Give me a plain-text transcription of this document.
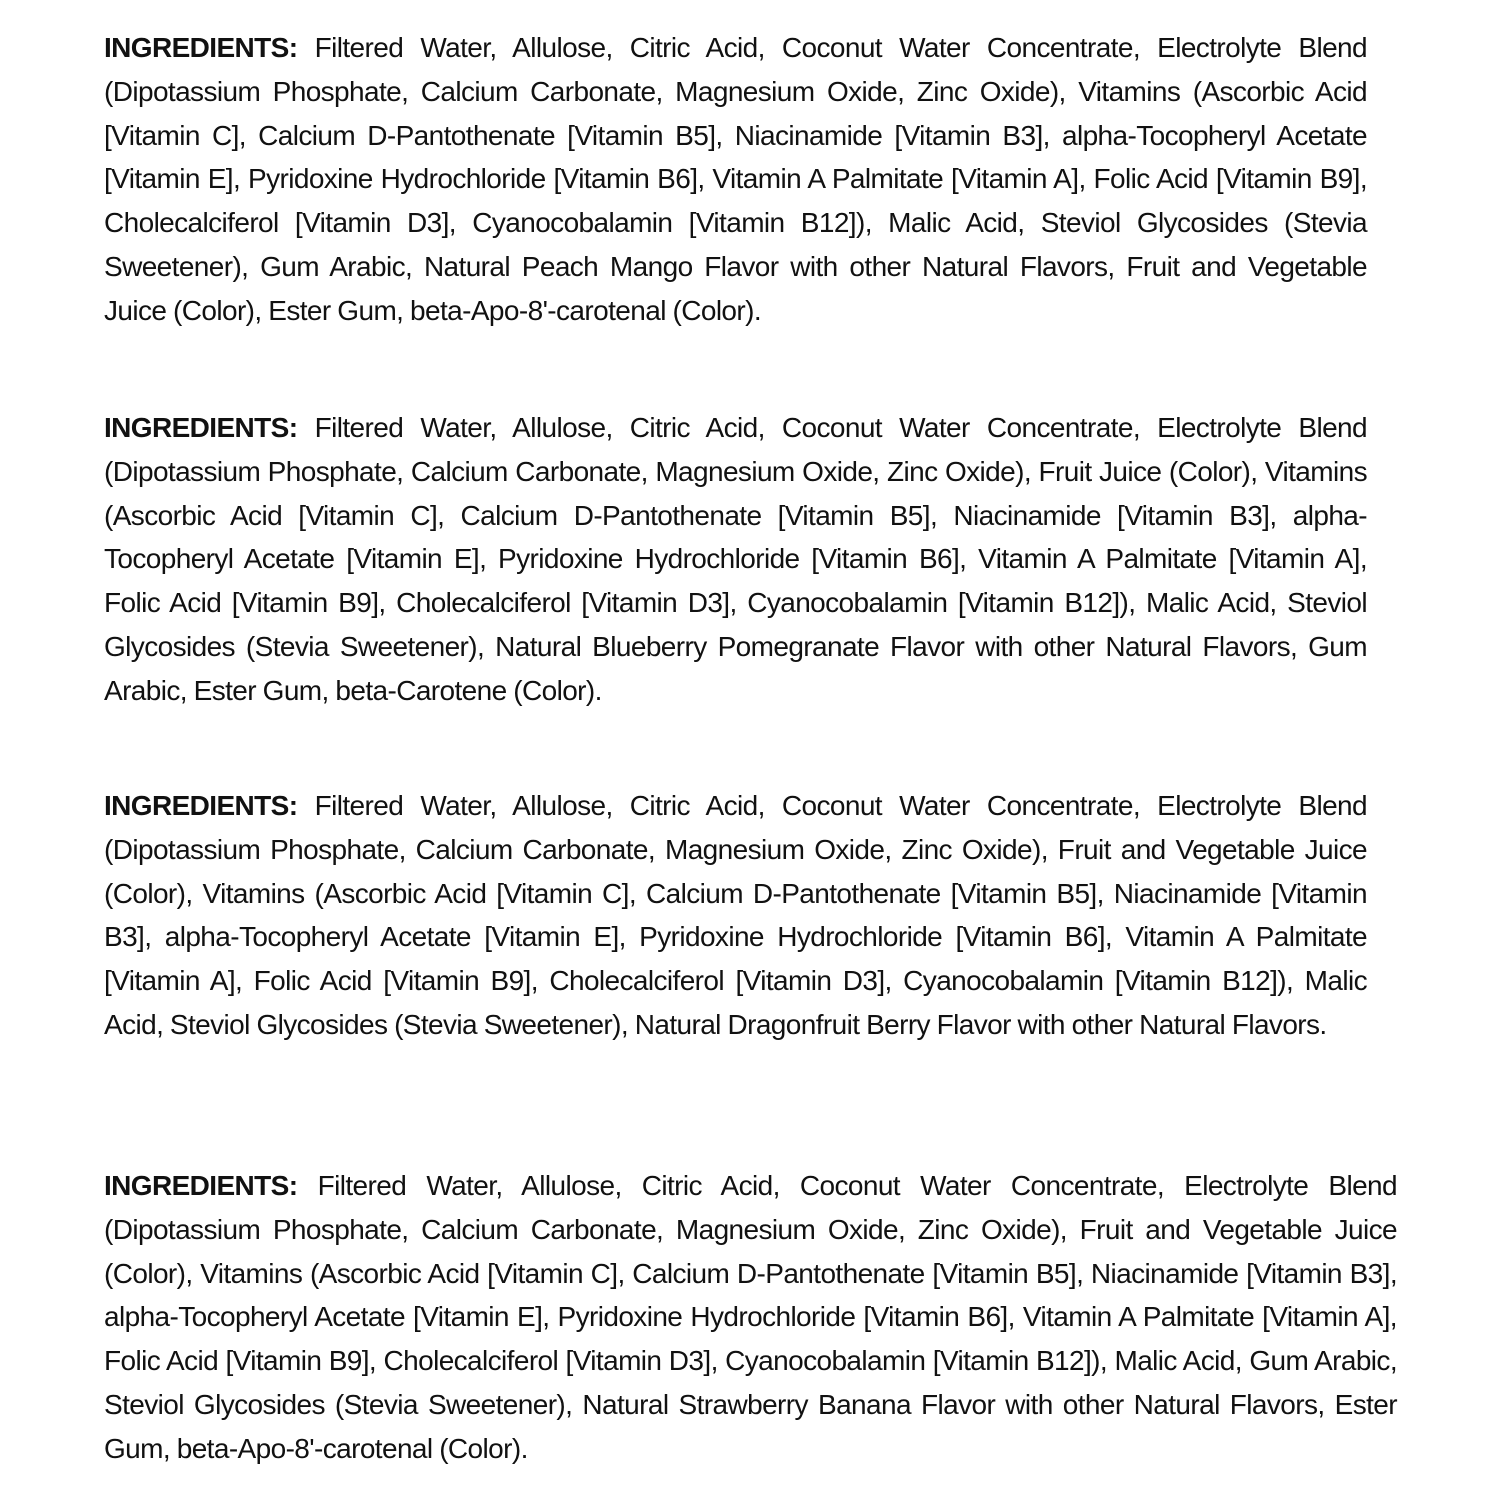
INGREDIENTS: Filtered Water, Allulose, Citric Acid, Coconut Water Concentrate, Electrolyte Blend (Dipotassium Phosphate, Calcium Carbonate, Magnesium Oxide, Zinc Oxide), Vitamins (Ascorbic Acid [Vitamin C], Calcium D-Pantothenate [Vitamin B5], Niacinamide [Vitamin B3], alpha-Tocopheryl Acetate [Vitamin E], Pyridoxine Hydrochloride [Vitamin B6], Vitamin A Palmitate [Vitamin A], Folic Acid [Vitamin B9], Cholecalciferol [Vitamin D3], Cyanocobalamin [Vitamin B12]), Malic Acid, Steviol Glycosides (Stevia Sweetener), Gum Arabic, Natural Peach Mango Flavor with other Natural Flavors, Fruit and Vegetable Juice (Color), Ester Gum, beta-Apo-8'-carotenal (Color).

INGREDIENTS: Filtered Water, Allulose, Citric Acid, Coconut Water Concentrate, Electrolyte Blend (Dipotassium Phosphate, Calcium Carbonate, Magnesium Oxide, Zinc Oxide), Fruit Juice (Color), Vitamins (Ascorbic Acid [Vitamin C], Calcium D-Pantothenate [Vitamin B5], Niacinamide [Vitamin B3], alpha-Tocopheryl Acetate [Vitamin E], Pyridoxine Hydrochloride [Vitamin B6], Vitamin A Palmitate [Vitamin A], Folic Acid [Vitamin B9], Cholecalciferol [Vitamin D3], Cyanocobalamin [Vitamin B12]), Malic Acid, Steviol Glycosides (Stevia Sweetener), Natural Blueberry Pomegranate Flavor with other Natural Flavors, Gum Arabic, Ester Gum, beta-Carotene (Color).

INGREDIENTS: Filtered Water, Allulose, Citric Acid, Coconut Water Concentrate, Electrolyte Blend (Dipotassium Phosphate, Calcium Carbonate, Magnesium Oxide, Zinc Oxide), Fruit and Vegetable Juice (Color), Vitamins (Ascorbic Acid [Vitamin C], Calcium D-Pantothenate [Vitamin B5], Niacinamide [Vitamin B3], alpha-Tocopheryl Acetate [Vitamin E], Pyridoxine Hydrochloride [Vitamin B6], Vitamin A Palmitate [Vitamin A], Folic Acid [Vitamin B9], Cholecalciferol [Vitamin D3], Cyanocobalamin [Vitamin B12]), Malic Acid, Steviol Glycosides (Stevia Sweetener), Natural Dragonfruit Berry Flavor with other Natural Flavors.

INGREDIENTS: Filtered Water, Allulose, Citric Acid, Coconut Water Concentrate, Electrolyte Blend (Dipotassium Phosphate, Calcium Carbonate, Magnesium Oxide, Zinc Oxide), Fruit and Vegetable Juice (Color), Vitamins (Ascorbic Acid [Vitamin C], Calcium D-Pantothenate [Vitamin B5], Niacinamide [Vitamin B3], alpha-Tocopheryl Acetate [Vitamin E], Pyridoxine Hydrochloride [Vitamin B6], Vitamin A Palmitate [Vitamin A], Folic Acid [Vitamin B9], Cholecalciferol [Vitamin D3], Cyanocobalamin [Vitamin B12]), Malic Acid, Gum Arabic, Steviol Glycosides (Stevia Sweetener), Natural Strawberry Banana Flavor with other Natural Flavors, Ester Gum, beta-Apo-8'-carotenal (Color).
